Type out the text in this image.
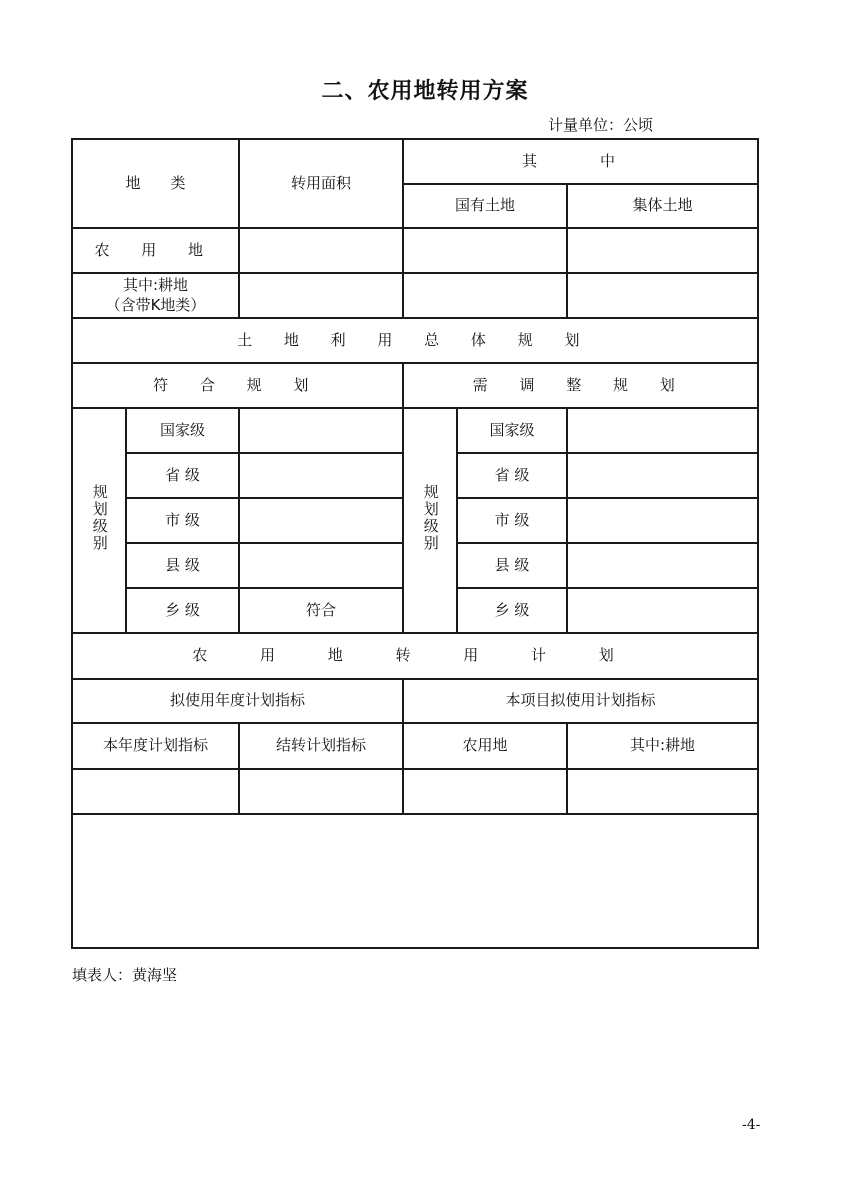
二、农用地转用方案
计量单位：公顷
地　　类		转用面积	其　中		
			国有土地		集体土地
农 用 地					

其中:耕地
（含带K地类）					

土 地 利 用 总 体 规 划					
符 合 规 划			需 调 整 规 划		
规划级别	国家级		规划级别	国家级	
	省 级			省 级	
	市 级			市 级	
	县 级			县 级	
	乡 级	符合		乡 级	
农 用 地 转 用 计 划					
拟使用年度计划指标			本项目拟使用计划指标		
本年度计划指标		结转计划指标	农用地		其中:耕地

填表人：黄海坚
-4-
